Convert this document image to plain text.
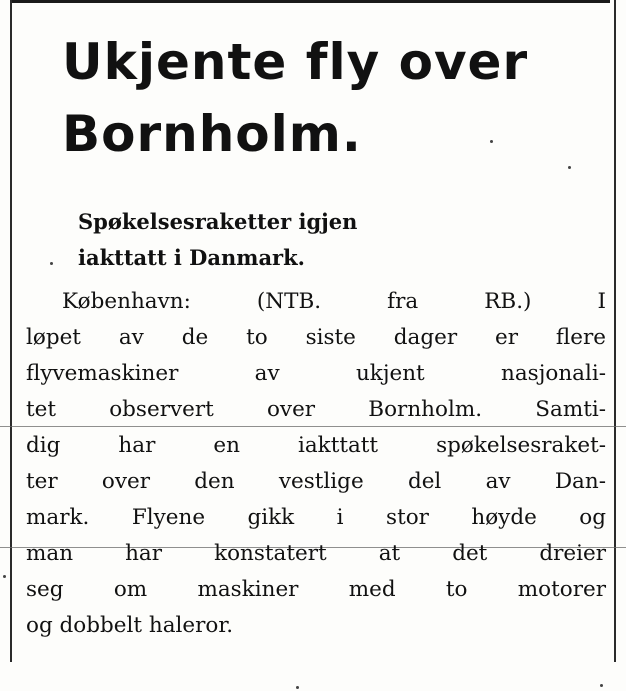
Ukjente fly over
Bornholm.
Spøkelsesraketter igjen
iakttatt i Danmark.
København: (NTB. fra RB.) I
løpet av de to siste dager er flere
flyvemaskiner av ukjent nasjonali-
tet observert over Bornholm. Samti-
dig har en iakttatt spøkelsesraket-
ter over den vestlige del av Dan-
mark. Flyene gikk i stor høyde og
man har konstatert at det dreier
seg om maskiner med to motorer
og dobbelt haleror.
